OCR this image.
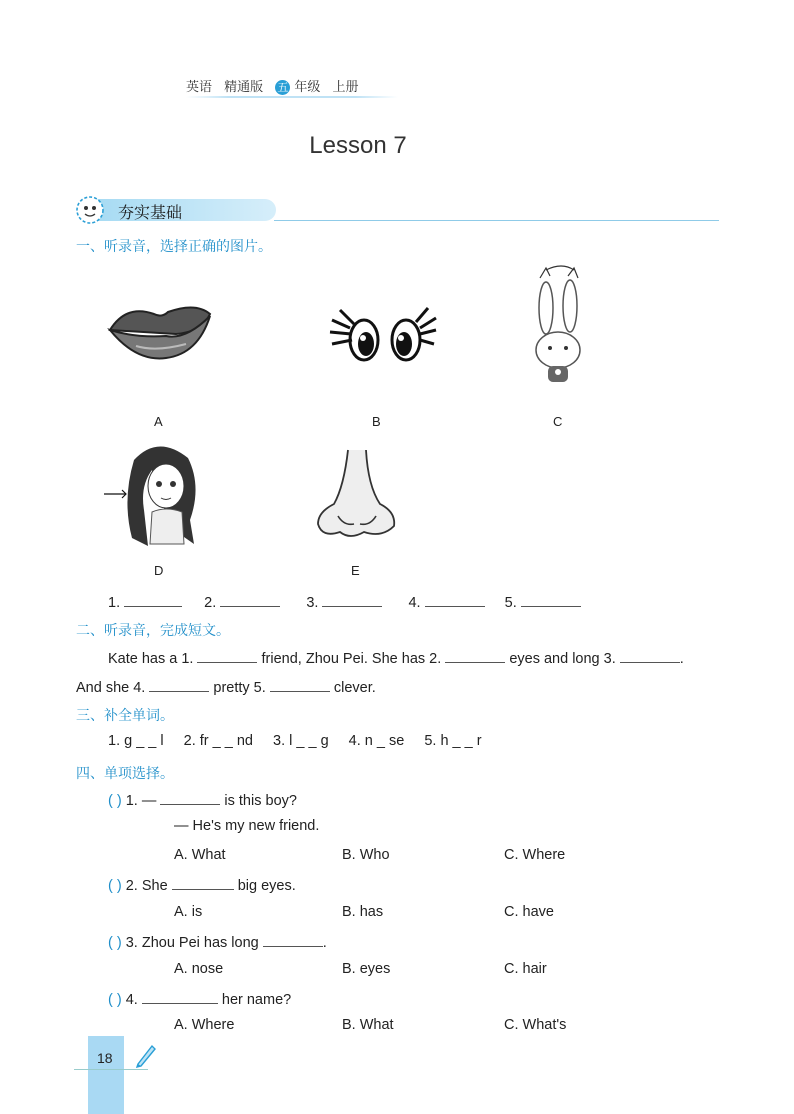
英语 精通版 五 年级 上册
Lesson 7
夯实基础
一、听录音，选择正确的图片。
A	B	C
D	E
1.	2.	3.	4.	5.
二、听录音，完成短文。
Kate has a 1.	friend, Zhou Pei. She has 2.	eyes and long 3.	.
And she 4.	pretty 5.	clever.
三、补全单词。
1. g _ _ l 2. fr _ _ nd 3. l _ _ g 4. n _ se 5. h _ _ r
四、单项选择。
( ) 1. —	is this boy?
— He's my new friend.
A. What	B. Who	C. Where
( ) 2. She	big eyes.
A. is	B. has	C. have
( ) 3. Zhou Pei has long	.
A. nose	B. eyes	C. hair
( ) 4.	her name?
A. Where	B. What	C. What's
18
